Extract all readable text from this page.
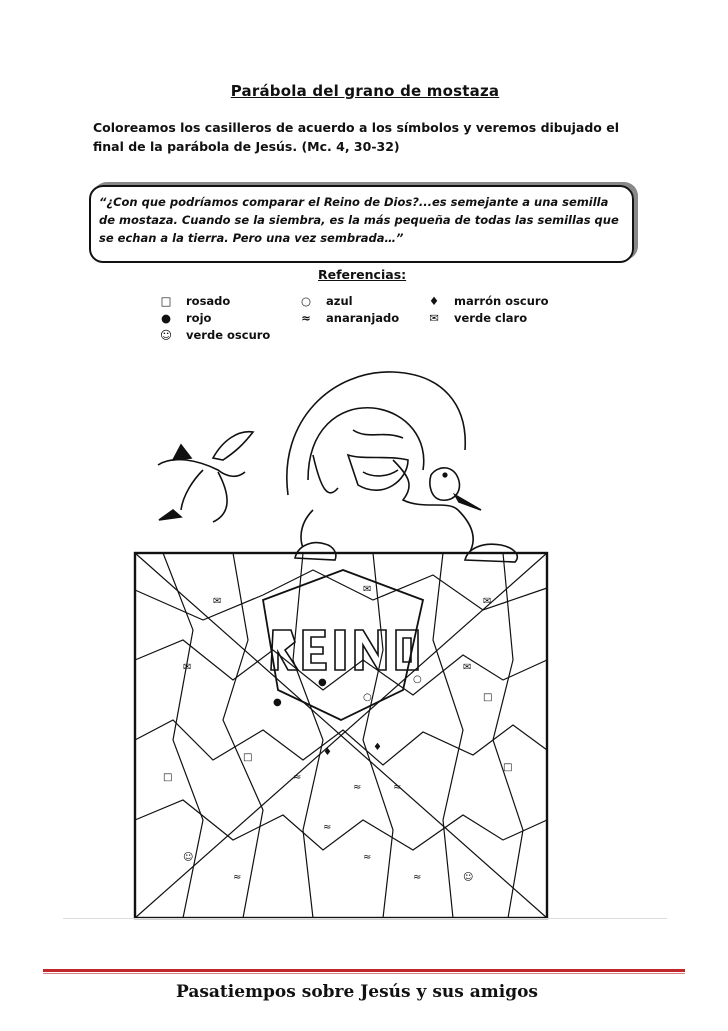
Parábola del grano de mostaza
Coloreamos los casilleros de acuerdo a los símbolos y veremos dibujado el final de la parábola de Jesús. (Mc. 4, 30-32)
“¿Con que podríamos comparar el Reino de Dios?...es semejante a una semilla de mostaza. Cuando se la siembra, es la más pequeña de todas las semillas que se echan a la tierra. Pero una vez sembrada…”
Referencias:
□ rosado	○ azul	♦ marrón oscuro
● rojo	≈ anaranjado	✉ verde claro
☺ verde oscuro
✉
✉
✉
✉
●
●	○
○
✉
□	♦	♦
≈
≈	≈
≈
≈
≈
□
□
□
≈
☺
☺
Pasatiempos sobre Jesús y sus amigos
